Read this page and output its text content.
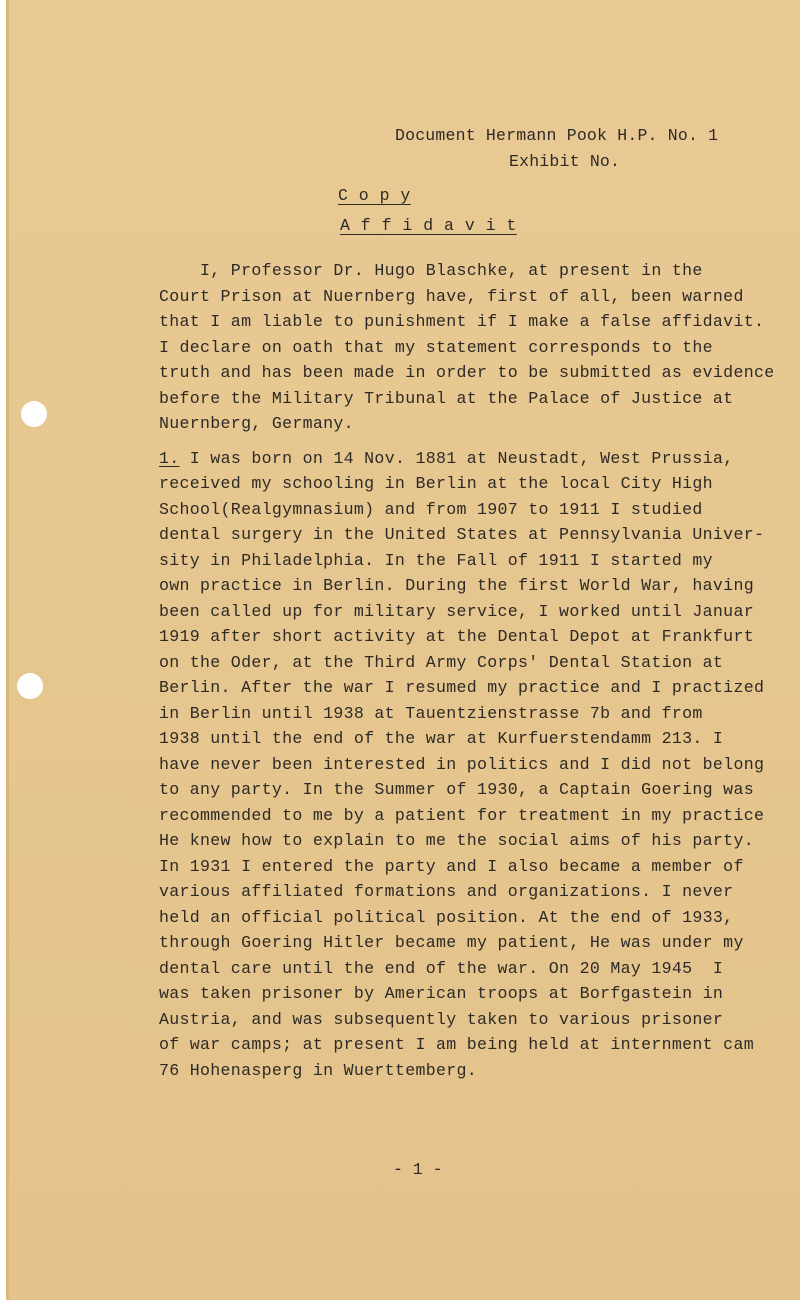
Document Hermann Pook H.P. No. 1
Exhibit No.
C o p y
A f f i d a v i t
I, Professor Dr. Hugo Blaschke, at present in the
Court Prison at Nuernberg have, first of all, been warned
that I am liable to punishment if I make a false affidavit.
I declare on oath that my statement corresponds to the
truth and has been made in order to be submitted as evidence
before the Military Tribunal at the Palace of Justice at
Nuernberg, Germany.
1. I was born on 14 Nov. 1881 at Neustadt, West Prussia,
received my schooling in Berlin at the local City High
School(Realgymnasium) and from 1907 to 1911 I studied
dental surgery in the United States at Pennsylvania Univer-
sity in Philadelphia. In the Fall of 1911 I started my
own practice in Berlin. During the first World War, having
been called up for military service, I worked until Januar
1919 after short activity at the Dental Depot at Frankfurt
on the Oder, at the Third Army Corps' Dental Station at
Berlin. After the war I resumed my practice and I practized
in Berlin until 1938 at Tauentzienstrasse 7b and from
1938 until the end of the war at Kurfuerstendamm 213. I
have never been interested in politics and I did not belong
to any party. In the Summer of 1930, a Captain Goering was
recommended to me by a patient for treatment in my practice
He knew how to explain to me the social aims of his party.
In 1931 I entered the party and I also became a member of
various affiliated formations and organizations. I never
held an official political position. At the end of 1933,
through Goering Hitler became my patient, He was under my
dental care until the end of the war. On 20 May 1945  I
was taken prisoner by American troops at Borfgastein in
Austria, and was subsequently taken to various prisoner
of war camps; at present I am being held at internment cam
76 Hohenasperg in Wuerttemberg.
- 1 -
